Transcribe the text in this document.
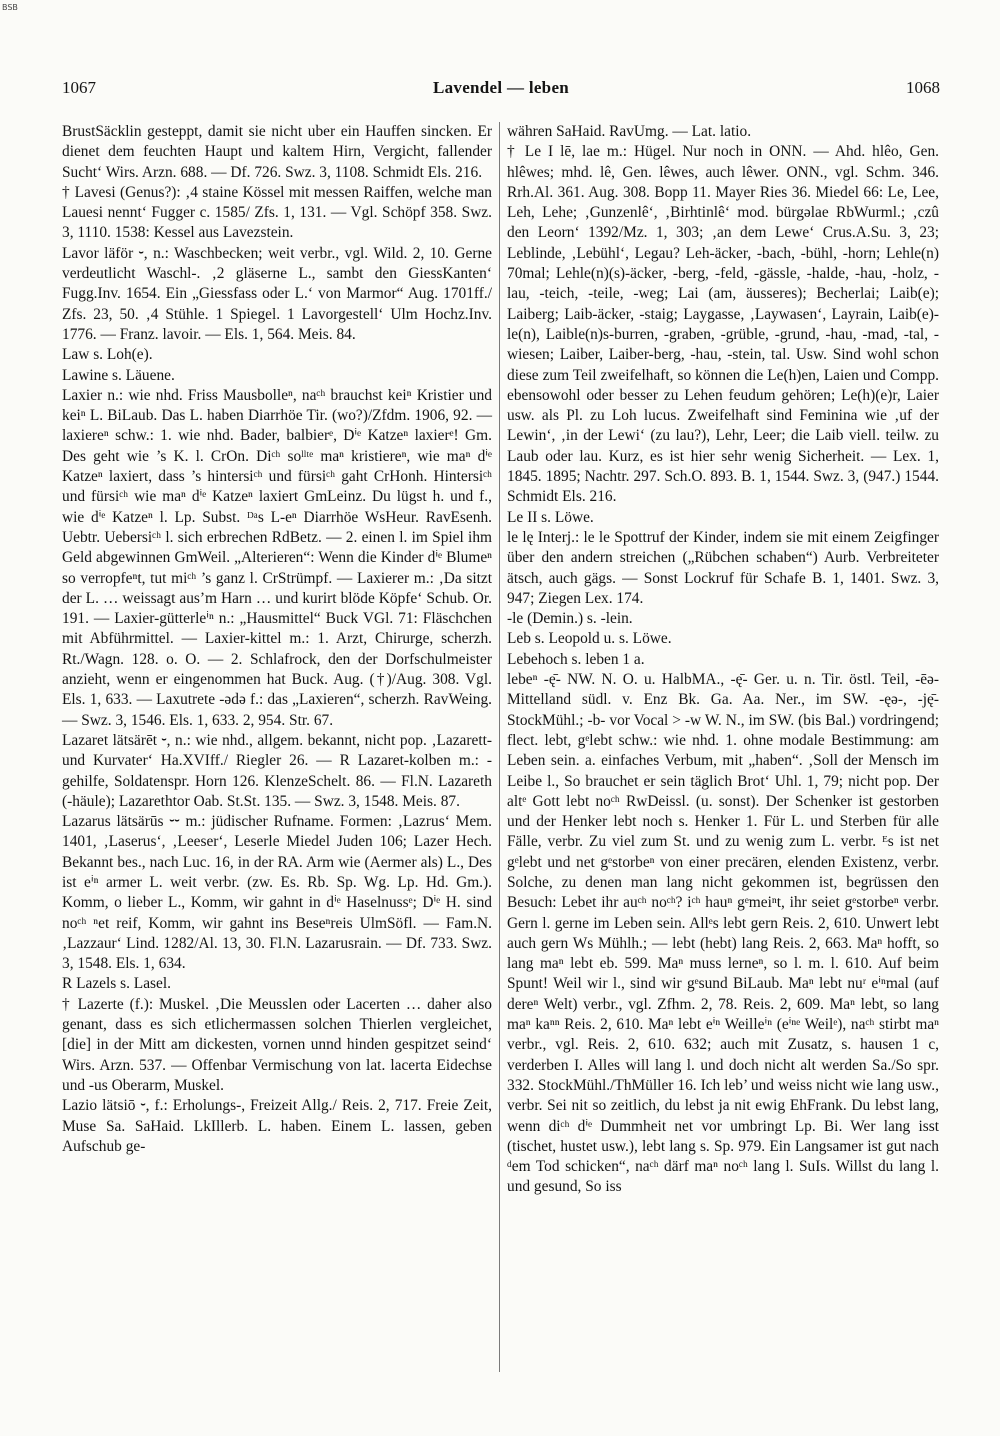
BSB
1067	Lavendel — leben	1068

BrustSäcklin gesteppt, damit sie nicht uber ein Hauffen sincken. Er dienet dem feuchten Haupt und kaltem Hirn, Vergicht, fallender Sucht‘ Wirs. Arzn. 688. — Df. 726. Swz. 3, 1108. Schmidt Els. 216.

† Lavesi (Genus?): ‚4 staine Kössel mit messen Raiffen, welche man Lauesi nennt‘ Fugger c. 1585/ Zfs. 1, 131. — Vgl. Schöpf 358. Swz. 3, 1110. 1538: Kessel aus Lavezstein.

Lavor läför ⏑, n.: Waschbecken; weit verbr., vgl. Wild. 2, 10. Gerne verdeutlicht Waschl-. ‚2 gläserne L., sambt den GiessKanten‘ Fugg.Inv. 1654. Ein „Giessfass oder L.‘ von Marmor“ Aug. 1701ff./ Zfs. 23, 50. ‚4 Stühle. 1 Spiegel. 1 Lavorgestell‘ Ulm Hochz.Inv. 1776. — Franz. lavoir. — Els. 1, 564. Meis. 84.

Law s. Loh(e).

Lawine s. Läuene.

Laxier n.: wie nhd. Friss Mausbolleⁿ, naᶜʰ brauchst keiⁿ Kristier und keiⁿ L. BiLaub. Das L. haben Diarrhöe Tir. (wo?)/Zfdm. 1906, 92. — laxiereⁿ schw.: 1. wie nhd. Bader, balbierᵉ, Dⁱᵉ Katzeⁿ laxierᵉ! Gm. Des geht wie ’s K. l. CrOn. Diᶜʰ soˡˡᵗᵉ maⁿ kristiereⁿ, wie maⁿ dⁱᵉ Katzeⁿ laxiert, dass ’s hintersiᶜʰ und fürsiᶜʰ gaht CrHonh. Hintersiᶜʰ und fürsiᶜʰ wie maⁿ dⁱᵉ Katzeⁿ laxiert GmLeinz. Du lügst h. und f., wie dⁱᵉ Katzeⁿ l. Lp. Subst. ᴰᵃs L-eⁿ Diarrhöe WsHeur. RavEsenh. Uebtr. Uebersiᶜʰ l. sich erbrechen RdBetz. — 2. einen l. im Spiel ihm Geld abgewinnen GmWeil. „Alterieren“: Wenn die Kinder dⁱᵉ Blumeⁿ so verropfeⁿt, tut miᶜʰ ’s ganz l. CrStrümpf. — Laxierer m.: ‚Da sitzt der L. … weissagt aus’m Harn … und kurirt blöde Köpfe‘ Schub. Or. 191. — Laxier-gütterleⁱⁿ n.: „Hausmittel“ Buck VGl. 71: Fläschchen mit Abführmittel. — Laxier-kittel m.: 1. Arzt, Chirurge, scherzh. Rt./Wagn. 128. o. O. — 2. Schlafrock, den der Dorfschulmeister anzieht, wenn er eingenommen hat Buck. Aug. (†)/Aug. 308. Vgl. Els. 1, 633. — Laxutrete -ədə f.: das „Laxieren“, scherzh. RavWeing. — Swz. 3, 1546. Els. 1, 633. 2, 954. Str. 67.

Lazaret lätsärēt ⏑, n.: wie nhd., allgem. bekannt, nicht pop. ‚Lazarett- und Kurvater‘ Ha.XVIff./ Riegler 26. — R Lazaret-kolben m.: -gehilfe, Soldatenspr. Horn 126. KlenzeSchelt. 86. — Fl.N. Lazareth (-häule); Lazarethtor Oab. St.St. 135. — Swz. 3, 1548. Meis. 87.

Lazarus lätsärūs ⏑⏑ m.: jüdischer Rufname. Formen: ‚Lazrus‘ Mem. 1401, ‚Laserus‘, ‚Leeser‘, Leserle Miedel Juden 106; Lazer Hech. Bekannt bes., nach Luc. 16, in der RA. Arm wie (Aermer als) L., Des ist eⁱⁿ armer L. weit verbr. (zw. Es. Rb. Sp. Wg. Lp. Hd. Gm.). Komm, o lieber L., Komm, wir gahnt in dⁱᵉ Haselnussᵉ; Dⁱᵉ H. sind noᶜʰ ⁿet reif, Komm, wir gahnt ins Beseⁿreis UlmSöfl. — Fam.N. ‚Lazzaur‘ Lind. 1282/Al. 13, 30. Fl.N. Lazarusrain. — Df. 733. Swz. 3, 1548. Els. 1, 634.

R Lazels s. Lasel.

† Lazerte (f.): Muskel. ‚Die Meusslen oder Lacerten … daher also genant, dass es sich etlichermassen solchen Thierlen vergleichet, [die] in der Mitt am dickesten, vornen unnd hinden gespitzet seind‘ Wirs. Arzn. 537. — Offenbar Vermischung von lat. lacerta Eidechse und -us Oberarm, Muskel.

Lazio lätsiō ⏑, f.: Erholungs-, Freizeit Allg./ Reis. 2, 717. Freie Zeit, Muse Sa. SaHaid. LkIllerb. L. haben. Einem L. lassen, geben Aufschub ge-

währen SaHaid. RavUmg. — Lat. latio.

† Le I lē, lae m.: Hügel. Nur noch in ONN. — Ahd. hlêo, Gen. hlêwes; mhd. lê, Gen. lêwes, auch lêwer. ONN., vgl. Schm. 346. Rrh.Al. 361. Aug. 308. Bopp 11. Mayer Ries 36. Miedel 66: Le, Lee, Leh, Lehe; ‚Gunzenlê‘, ‚Birhtinlê‘ mod. bürgəlae RbWurml.; ‚czû den Leorn‘ 1392/Mz. 1, 303; ‚an dem Lewe‘ Crus.A.Su. 3, 23; Leblinde, ‚Lebühl‘, Legau? Leh-äcker, -bach, -bühl, -horn; Lehle(n) 70mal; Lehle(n)(s)-äcker, -berg, -feld, -gässle, -halde, -hau, -holz, -lau, -teich, -teile, -weg; Lai (am, äusseres); Becherlai; Laib(e); Laiberg; Laib-äcker, -staig; Laygasse, ‚Laywasen‘, Layrain, Laib(e)-le(n), Laible(n)s-burren, -graben, -grüble, -grund, -hau, -mad, -tal, -wiesen; Laiber, Laiber-berg, -hau, -stein, tal. Usw. Sind wohl schon diese zum Teil zweifelhaft, so können die Le(h)en, Laien und Compp. ebensowohl oder besser zu Lehen feudum gehören; Le(h)(e)r, Laier usw. als Pl. zu Loh lucus. Zweifelhaft sind Feminina wie ‚uf der Lewin‘, ‚in der Lewi‘ (zu lau?), Lehr, Leer; die Laib viell. teilw. zu Laub oder lau. Kurz, es ist hier sehr wenig Sicherheit. — Lex. 1, 1845. 1895; Nachtr. 297. Sch.O. 893. B. 1, 1544. Swz. 3, (947.) 1544. Schmidt Els. 216.

Le II s. Löwe.

le lę Interj.: le le Spottruf der Kinder, indem sie mit einem Zeigfinger über den andern streichen („Rübchen schaben“) Aurb. Verbreiteter ätsch, auch gägs. — Sonst Lockruf für Schafe B. 1, 1401. Swz. 3, 947; Ziegen Lex. 174.

-le (Demin.) s. -lein.

Leb s. Leopold u. s. Löwe.

Lebehoch s. leben 1 a.

lebeⁿ -ę̄- NW. N. O. u. HalbMA., -ę̄- Ger. u. n. Tir. östl. Teil, -ēə- Mittelland südl. v. Enz Bk. Ga. Aa. Ner., im SW. -ęə-, -ję̄- StockMühl.; -b- vor Vocal > -w W. N., im SW. (bis Bal.) vordringend; flect. lebt, gᵉlebt schw.: wie nhd. 1. ohne modale Bestimmung: am Leben sein. a. einfaches Verbum, mit „haben“. ‚Soll der Mensch im Leibe l., So brauchet er sein täglich Brot‘ Uhl. 1, 79; nicht pop. Der altᵉ Gott lebt noᶜʰ RwDeissl. (u. sonst). Der Schenker ist gestorben und der Henker lebt noch s. Henker 1. Für L. und Sterben für alle Fälle, verbr. Zu viel zum St. und zu wenig zum L. verbr. ᴱs ist net gᵉlebt und net gᵉstorbeⁿ von einer precären, elenden Existenz, verbr. Solche, zu denen man lang nicht gekommen ist, begrüssen den Besuch: Lebet ihr auᶜʰ noᶜʰ? iᶜʰ hauⁿ gᵉmeiⁿt, ihr seiet gᵉstorbeⁿ verbr. Gern l. gerne im Leben sein. Allᵉs lebt gern Reis. 2, 610. Unwert lebt auch gern Ws Mühlh.; — lebt (hebt) lang Reis. 2, 663. Maⁿ hofft, so lang maⁿ lebt eb. 599. Maⁿ muss lerneⁿ, so l. m. l. 610. Auf beim Spunt! Weil wir l., sind wir gᵉsund BiLaub. Maⁿ lebt nuʳ eⁱⁿmal (auf dereⁿ Welt) verbr., vgl. Zfhm. 2, 78. Reis. 2, 609. Maⁿ lebt, so lang maⁿ kaⁿⁿ Reis. 2, 610. Maⁿ lebt eⁱⁿ Weilleⁱⁿ (eⁱⁿᵉ Weilᵉ), naᶜʰ stirbt maⁿ verbr., vgl. Reis. 2, 610. 632; auch mit Zusatz, s. hausen 1 c, verderben I. Alles will lang l. und doch nicht alt werden Sa./So spr. 332. StockMühl./ThMüller 16. Ich leb’ und weiss nicht wie lang usw., verbr. Sei nit so zeitlich, du lebst ja nit ewig EhFrank. Du lebst lang, wenn diᶜʰ dⁱᵉ Dummheit net vor umbringt Lp. Bi. Wer lang isst (tischet, hustet usw.), lebt lang s. Sp. 979. Ein Langsamer ist gut nach ᵈem Tod schicken“, naᶜʰ därf maⁿ noᶜʰ lang l. SuIs. Willst du lang l. und gesund, So iss
